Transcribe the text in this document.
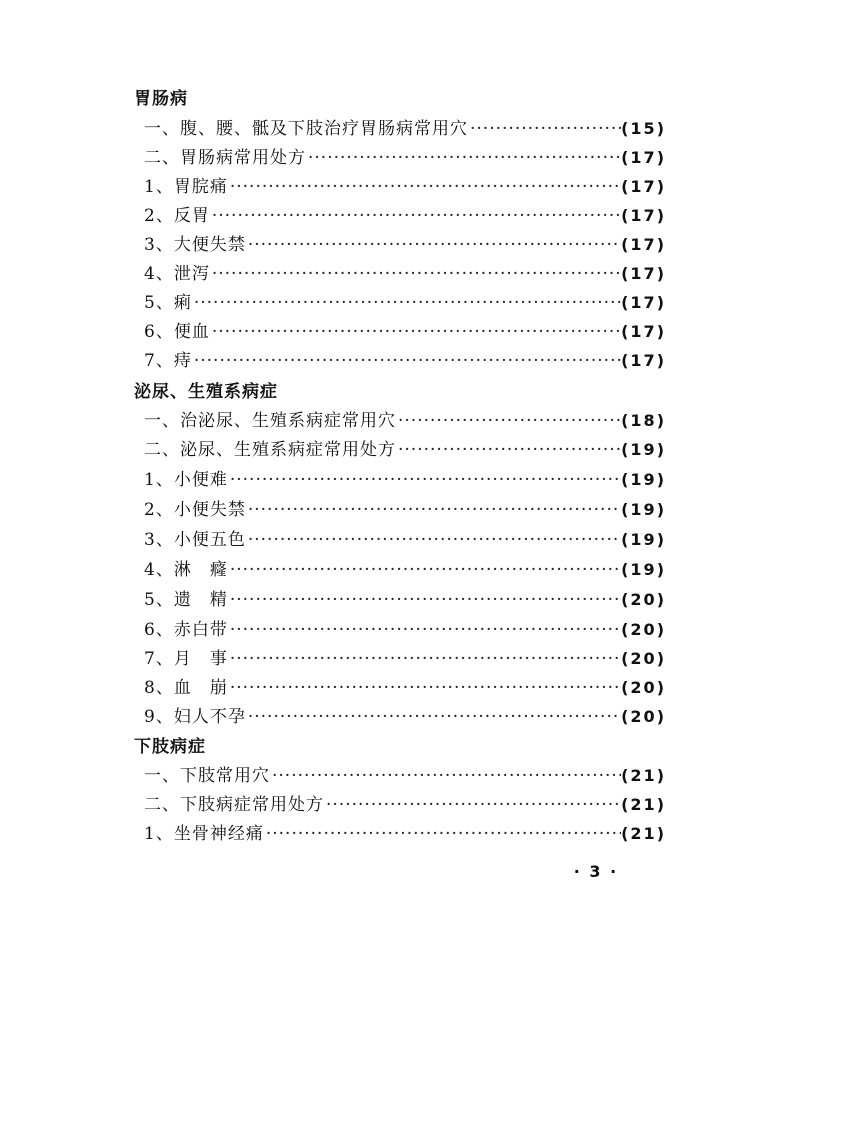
胃肠病
一、腹、腰、骶及下肢治疗胃肠病常用穴 ·····	(15)
二、胃肠病常用处方 ·····	(17)
1、胃脘痛 ·····	(17)
2、反胃 ·····	(17)
3、大便失禁 ·····	(17)
4、泄泻 ·····	(17)
5、痢 ·····	(17)
6、便血 ·····	(17)
7、痔 ·····	(17)
泌尿、生殖系病症
一、治泌尿、生殖系病症常用穴 ·····	(18)
二、泌尿、生殖系病症常用处方 ·····	(19)
1、小便难 ·····	(19)
2、小便失禁 ·····	(19)
3、小便五色 ·····	(19)
4、淋　癃 ·····	(19)
5、遗　精 ·····	(20)
6、赤白带 ·····	(20)
7、月　事 ·····	(20)
8、血　崩 ·····	(20)
9、妇人不孕 ·····	(20)
下肢病症
一、下肢常用穴 ·····	(21)
二、下肢病症常用处方 ·····	(21)
1、坐骨神经痛 ·····	(21)
· 3 ·
